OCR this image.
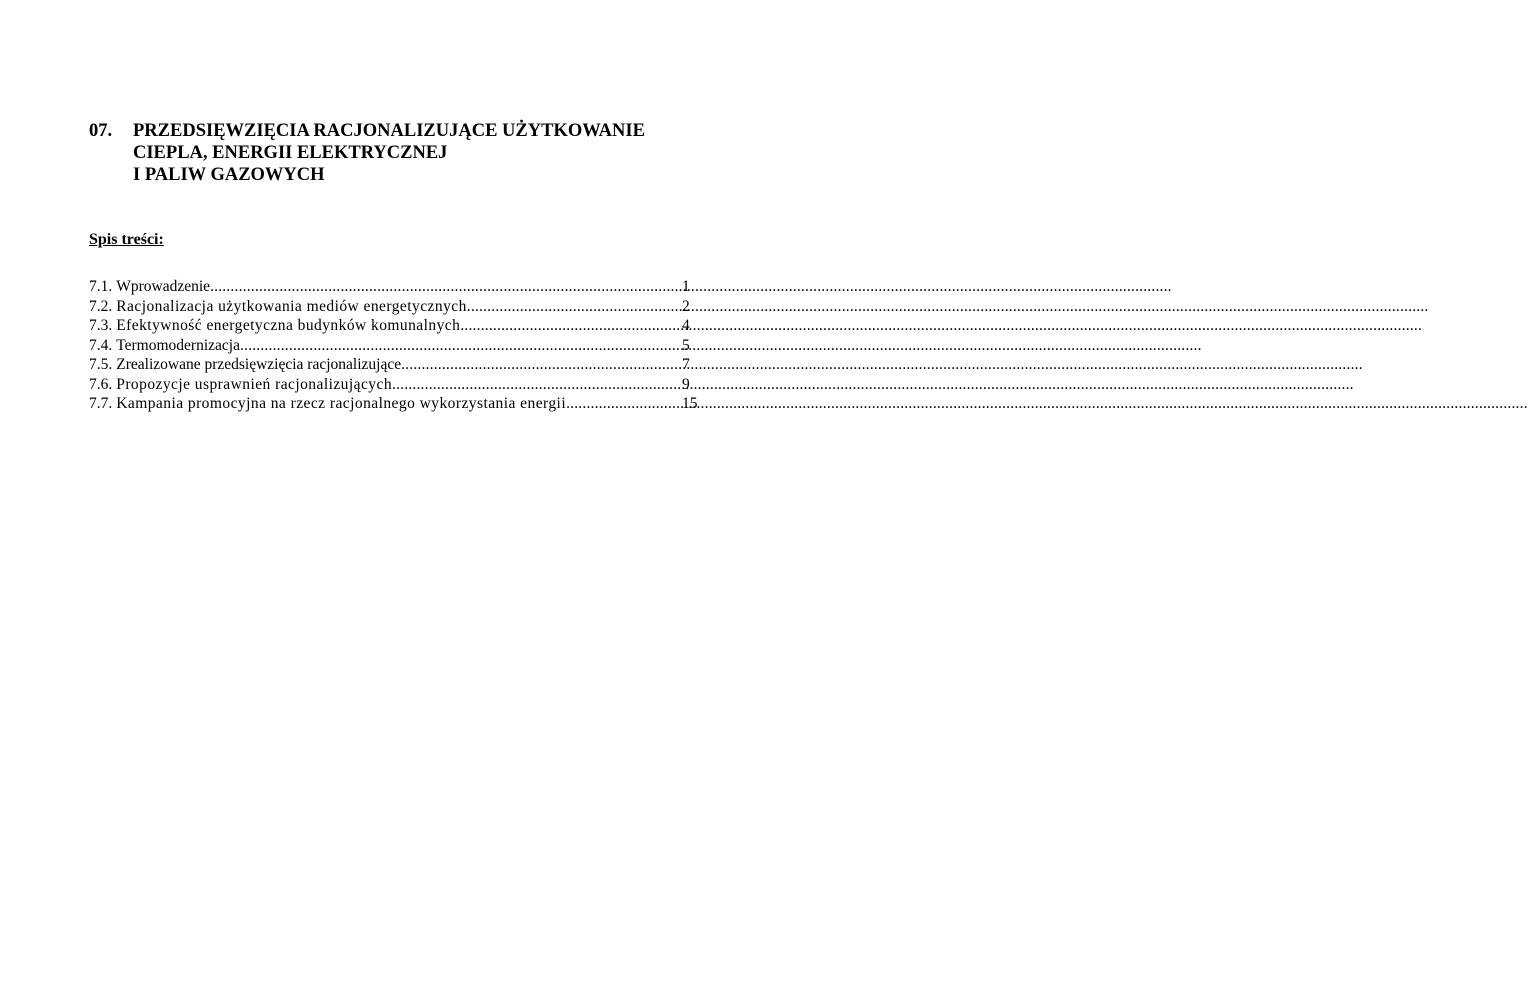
07. PRZEDSIĘWZIĘCIA RACJONALIZUJĄCE UŻYTKOWANIE
CIEPLA, ENERGII ELEKTRYCZNEJ
I PALIW GAZOWYCH

Spis treści:

7.1. Wprowadzenie .....	1
7.2. Racjonalizacja użytkowania mediów energetycznych .....	2
7.3. Efektywność energetyczna budynków komunalnych .....	4
7.4. Termomodernizacja .....	5
7.5. Zrealizowane przedsięwzięcia racjonalizujące .....	7
7.6. Propozycje usprawnień racjonalizujących .....	9
7.7. Kampania promocyjna na rzecz racjonalnego wykorzystania energii .....	15
